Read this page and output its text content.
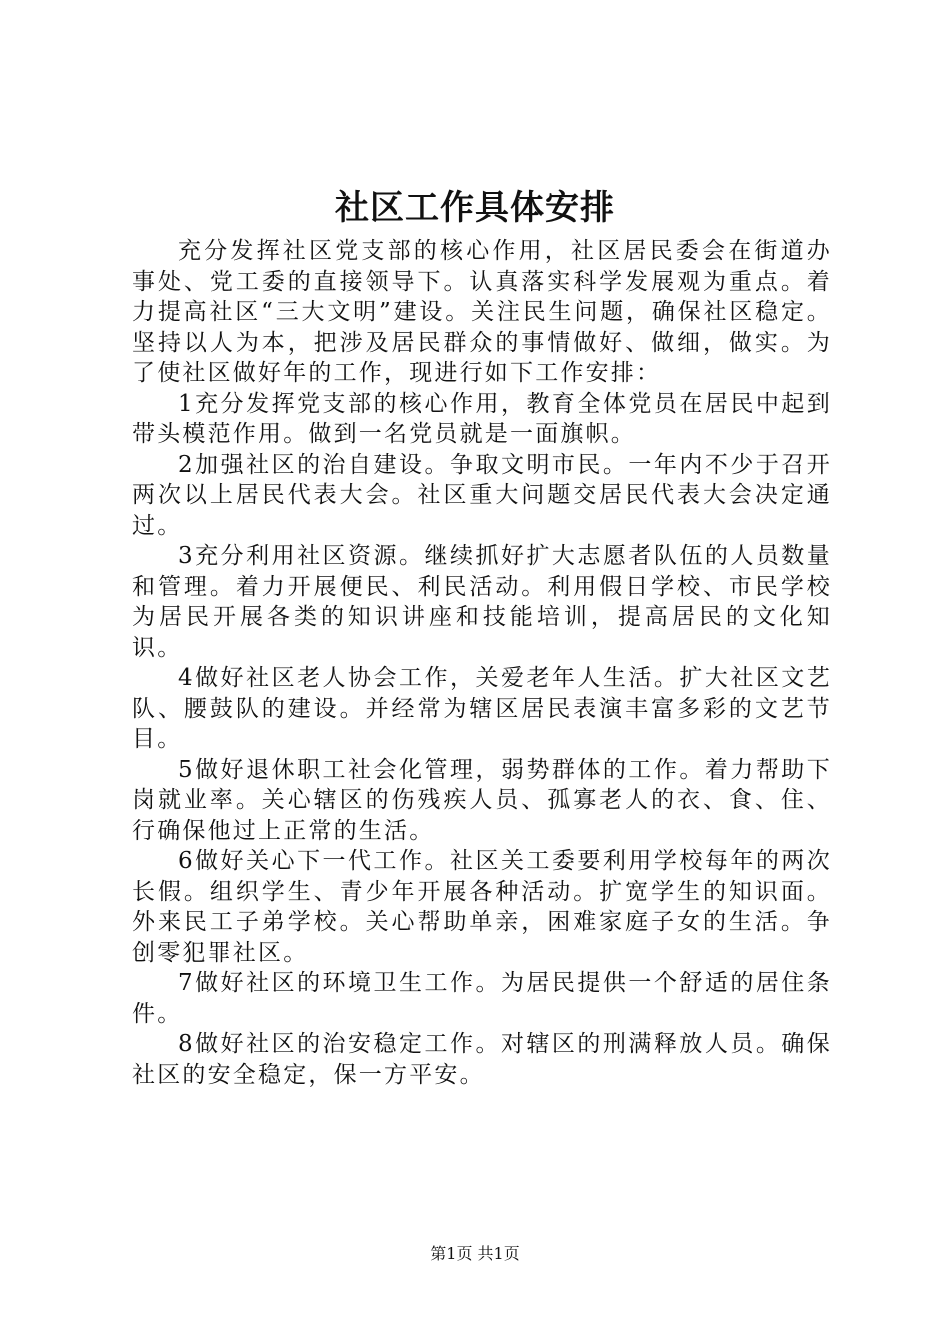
社区工作具体安排

充分发挥社区党支部的核心作用，社区居民委会在街道办事处、党工委的直接领导下。认真落实科学发展观为重点。着力提高社区“三大文明”建设。关注民生问题，确保社区稳定。坚持以人为本，把涉及居民群众的事情做好、做细，做实。为了使社区做好年的工作，现进行如下工作安排：

1充分发挥党支部的核心作用，教育全体党员在居民中起到带头模范作用。做到一名党员就是一面旗帜。

2加强社区的治自建设。争取文明市民。一年内不少于召开两次以上居民代表大会。社区重大问题交居民代表大会决定通过。

3充分利用社区资源。继续抓好扩大志愿者队伍的人员数量和管理。着力开展便民、利民活动。利用假日学校、市民学校为居民开展各类的知识讲座和技能培训，提高居民的文化知识。

4做好社区老人协会工作，关爱老年人生活。扩大社区文艺队、腰鼓队的建设。并经常为辖区居民表演丰富多彩的文艺节目。

5做好退休职工社会化管理，弱势群体的工作。着力帮助下岗就业率。关心辖区的伤残疾人员、孤寡老人的衣、食、住、行确保他过上正常的生活。

6做好关心下一代工作。社区关工委要利用学校每年的两次长假。组织学生、青少年开展各种活动。扩宽学生的知识面。外来民工子弟学校。关心帮助单亲，困难家庭子女的生活。争创零犯罪社区。

7做好社区的环境卫生工作。为居民提供一个舒适的居住条件。

8做好社区的治安稳定工作。对辖区的刑满释放人员。确保社区的安全稳定，保一方平安。

第1页 共1页
